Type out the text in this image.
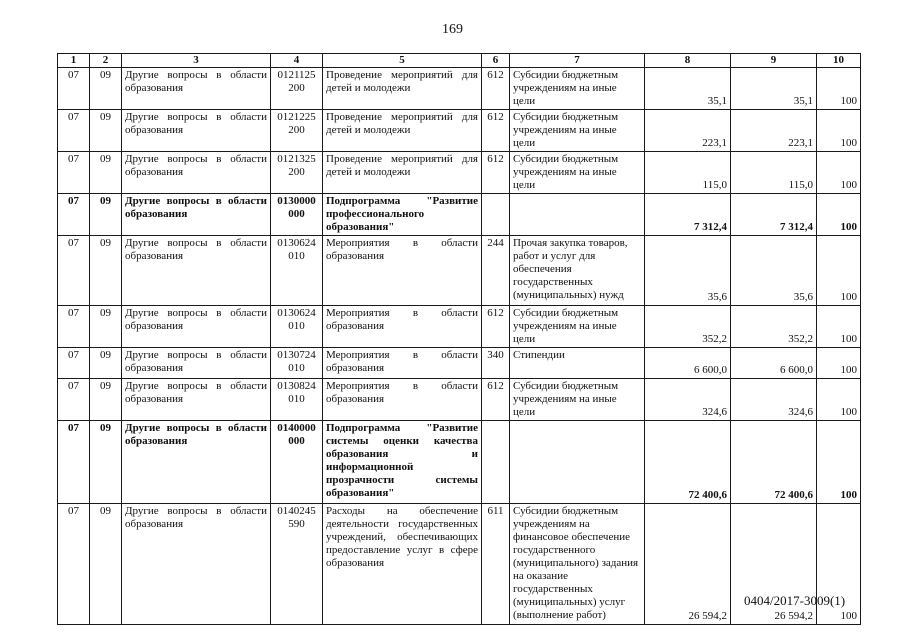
169
1	2	3	4	5	6	7	8	9	10
07	09	Другие вопросы в области образования	0121125 200	Проведение мероприятий для детей и молодежи	612	Субсидии бюджетным учреждениям на иные цели	35,1	35,1	100
07	09	Другие вопросы в области образования	0121225 200	Проведение мероприятий для детей и молодежи	612	Субсидии бюджетным учреждениям на иные цели	223,1	223,1	100
07	09	Другие вопросы в области образования	0121325 200	Проведение мероприятий для детей и молодежи	612	Субсидии бюджетным учреждениям на иные цели	115,0	115,0	100
07	09	Другие вопросы в области образования	0130000 000	Подпрограмма "Развитие профессионального образования"			7 312,4	7 312,4	100
07	09	Другие вопросы в области образования	0130624 010	Мероприятия в области образования	244	Прочая закупка товаров, работ и услуг для обеспечения государственных (муниципальных) нужд	35,6	35,6	100
07	09	Другие вопросы в области образования	0130624 010	Мероприятия в области образования	612	Субсидии бюджетным учреждениям на иные цели	352,2	352,2	100
07	09	Другие вопросы в области образования	0130724 010	Мероприятия в области образования	340	Стипендии	6 600,0	6 600,0	100
07	09	Другие вопросы в области образования	0130824 010	Мероприятия в области образования	612	Субсидии бюджетным учреждениям на иные цели	324,6	324,6	100
07	09	Другие вопросы в области образования	0140000 000	Подпрограмма "Развитие системы оценки качества образования и информационной прозрачности системы образования"			72 400,6	72 400,6	100
07	09	Другие вопросы в области образования	0140245 590	Расходы на обеспечение деятельности государственных учреждений, обеспечивающих предоставление услуг в сфере образования	611	Субсидии бюджетным учреждениям на финансовое обеспечение государственного (муниципального) задания на оказание государственных (муниципальных) услуг (выполнение работ)	26 594,2	26 594,2	100
0404/2017-3009(1)
